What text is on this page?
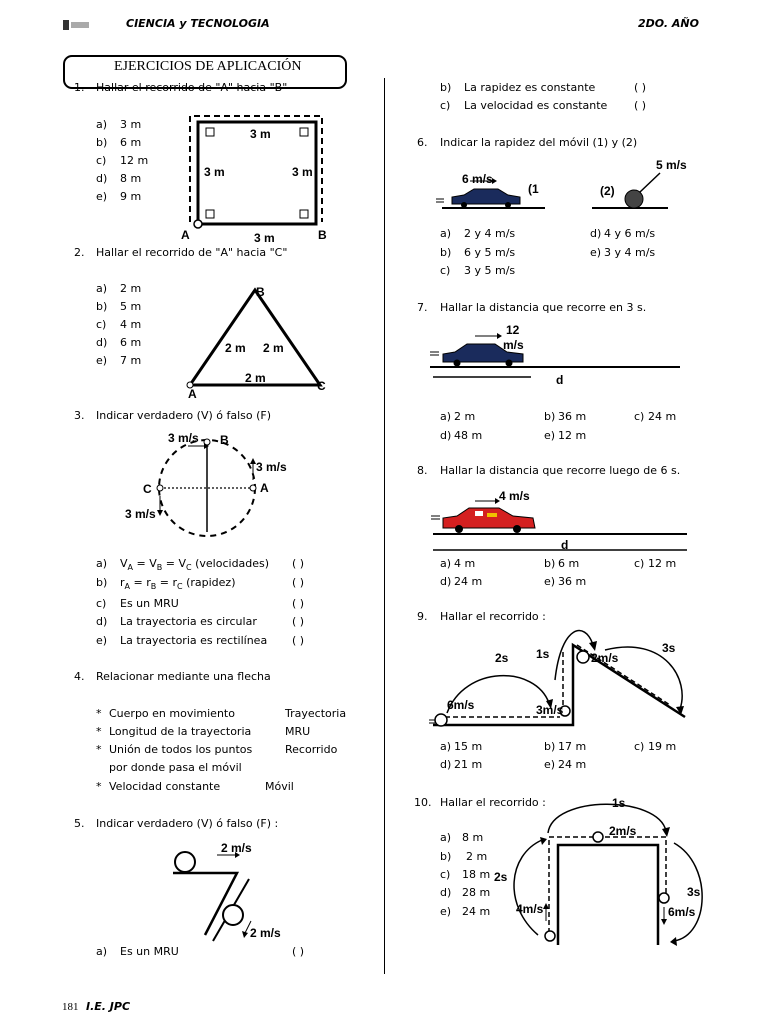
CIENCIA y TECNOLOGIA	2DO. AÑO
EJERCICIOS DE APLICACIÓN
1. Hallar el recorrido de "A" hacia "B"
a) 3 m
b) 6 m
c) 12 m
d) 8 m
e) 9 m
3 m
3 m	3 m
3 m
A	B
2. Hallar el recorrido de "A" hacia "C"
a) 2 m
b) 5 m
c) 4 m
d) 6 m
e) 7 m
B
2 m 2 m
2 m
A
C
3. Indicar verdadero (V) ó falso (F)
3 m/s B
3 m/s
A
C
3 m/s
a) $V_A = V_B = V_C$ (velocidades) ( )
b) $r_A = r_B = r_C$ (rapidez)	( )
c) Es un MRU	( )
d) La trayectoria es circular	( )
e) La trayectoria es rectilínea ( )
4. Relacionar mediante una flecha
* Cuerpo en movimiento	Trayectoria
* Longitud de la trayectoria	MRU
* Unión de todos los puntos	Recorrido
por donde pasa el móvil
* Velocidad constante	Móvil
5. Indicar verdadero (V) ó falso (F) :
2 m/s
2 m/s
a) Es un MRU	( )
b) La rapidez es constante	( )
c) La velocidad es constante ( )
6. Indicar la rapidez del móvil (1) y (2)
6 m/s
(1
5 m/s
(2)
a) 2 y 4 m/s	d) 4 y 6 m/s
b) 6 y 5 m/s	e) 3 y 4 m/s
c) 3 y 5 m/s
7. Hallar la distancia que recorre en 3 s.
12
m/s
d
a) 2 m	b) 36 m	c) 24 m
d) 48 m	e) 12 m
8. Hallar la distancia que recorre luego de 6 s.
4 m/s
d
a) 4 m	b) 6 m	c) 12 m
d) 24 m	e) 36 m
9. Hallar el recorrido :
2s 1s	2m/s
3s
6m/s	3m/s
a) 15 m	b) 17 m	c) 19 m
d) 21 m	e) 24 m
10. Hallar el recorrido :
a) 8 m
b) 2 m
c) 18 m
d) 28 m
e) 24 m
1s
2m/s
2s
3s
4m/s	6m/s
181 I.E. JPC
